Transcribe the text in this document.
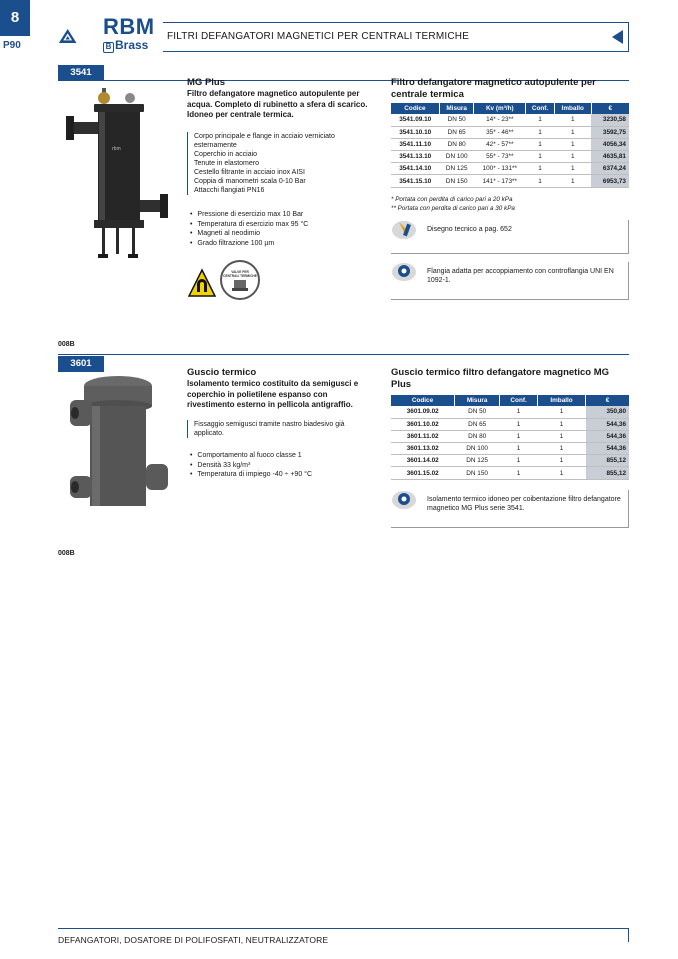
8
P90
RBM
B Brass
FILTRI DEFANGATORI MAGNETICI PER CENTRALI TERMICHE
3541
rbm
MG Plus
Filtro defangatore magnetico autopulente per acqua. Completo di rubinetto a sfera di scarico. Idoneo per centrale termica.
Corpo principale e flange in acciaio verniciato esternamente
Coperchio in acciaio
Tenute in elastomero
Cestello filtrante in acciaio inox AISI
Coppia di manometri scala 0-10 Bar
Attacchi flangiati PN16
• Pressione di esercizio max 10 Bar
• Temperatura di esercizio max 95 °C
• Magneti al neodimio
• Grado filtrazione 100 µm
VALVE PER
CENTRALI TERMICHE
Filtro defangatore magnetico autopulente per centrale termica
Codice	Misura	Kv (m³/h)	Conf.	Imballo	€
3541.09.10	DN 50	14* - 23**	1	1	3230,58
3541.10.10	DN 65	35* - 46**	1	1	3592,75
3541.11.10	DN 80	42* - 57**	1	1	4056,34
3541.13.10	DN 100	55* - 73**	1	1	4635,81
3541.14.10	DN 125	100* - 131**	1	1	6374,24
3541.15.10	DN 150	141* - 173**	1	1	6953,73
* Portata con perdita di carico pari a 20 kPa
** Portata con perdita di carico pari a 30 kPa
Disegno tecnico a pag. 652
Flangia adatta per accoppiamento con controflangia UNI EN 1092-1.
008B
3601
Guscio termico
Isolamento termico costituito da semigusci e coperchio in polietilene espanso con rivestimento esterno in pellicola antigraffio.
Fissaggio semigusci tramite nastro biadesivo già applicato.
• Comportamento al fuoco classe 1
• Densità 33 kg/m³
• Temperatura di impiego -40 ÷ +90 °C
Guscio termico filtro defangatore magnetico MG Plus
Codice	Misura	Conf.	Imballo	€
3601.09.02	DN 50	1	1	350,80
3601.10.02	DN 65	1	1	544,36
3601.11.02	DN 80	1	1	544,36
3601.13.02	DN 100	1	1	544,36
3601.14.02	DN 125	1	1	855,12
3601.15.02	DN 150	1	1	855,12
Isolamento termico idoneo per coibentazione filtro defangatore magnetico MG Plus serie 3541.
008B
DEFANGATORI, DOSATORE DI POLIFOSFATI, NEUTRALIZZATORE
